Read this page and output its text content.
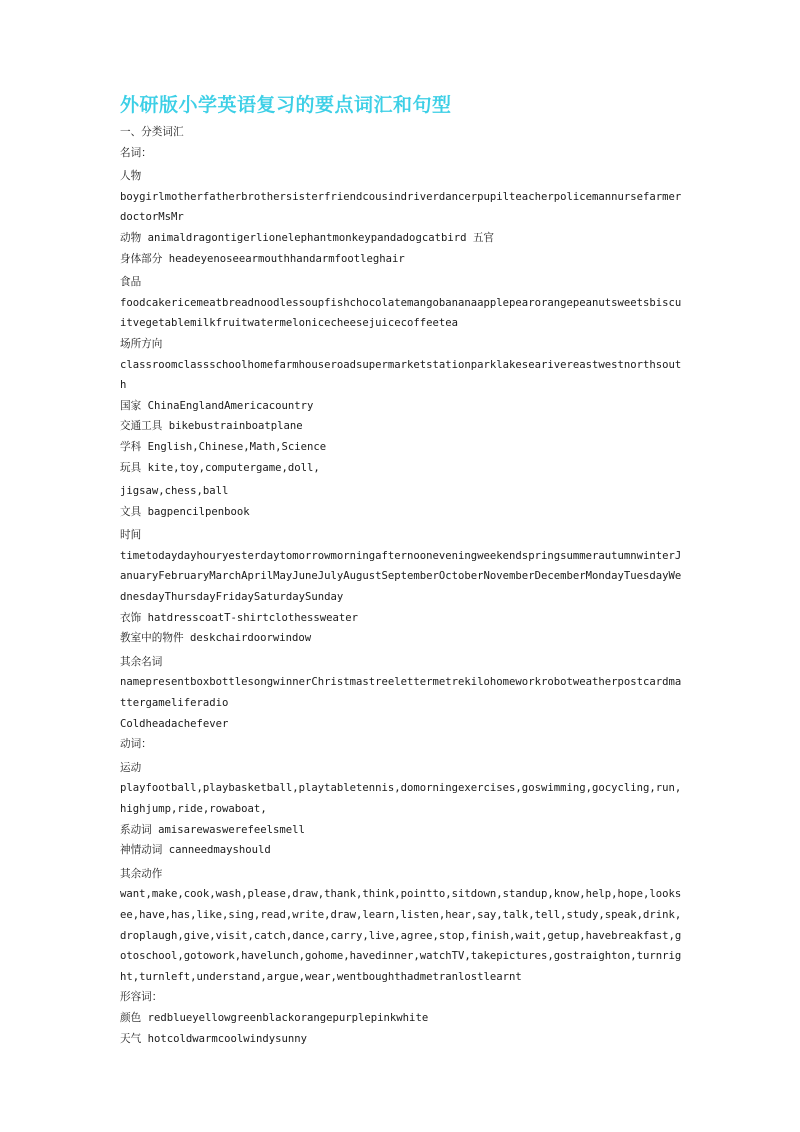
外研版小学英语复习的要点词汇和句型
一、分类词汇
名词：
人物
boygirlmotherfatherbrothersisterfriendcousindriverdancerpupilteacherpolicemannursefarmer doctorMsMr
动物 animaldragontigerlionelephantmonkeypandadogcatbird 五官
身体部分 headeyenoseearmouthhandarmfootleghair
食品
foodcakericemeatbreadnoodlessoupfishchocolatemangobananaapplepearorangepeanutsweetsbiscuitvegetablemilkfruitwatermelonicecheesejuicecoffeetea
场所方向
classroomclassschoolhomefarmhouseroadsupermarketstationparklakesearivereastwestnorthsouth
国家 ChinaEnglandAmericacountry
交通工具 bikebustrainboatplane
学科 English,Chinese,Math,Science
玩具 kite,toy,computergame,doll,
jigsaw,chess,ball
文具 bagpencilpenbook
时间
timetodaydayhouryesterdaytomorrowmorningafternooneveningweekendspringsummerautumnwinterJanuaryFebruaryMarchAprilMayJuneJulyAugustSeptemberOctoberNovemberDecemberMondayTuesdayWednesdayThursdayFridaySaturdaySunday
衣饰 hatdresscoatT-shirtclothessweater
教室中的物件 deskchairdoorwindow
其余名词
namepresentboxbottlesongwinnerChristmastreelettermetrekilohomeworkrobotweatherpostcardmattergameliferadio
Coldheadachefever
动词：
运动
playfootball,playbasketball,playtabletennis,domorningexercises,goswimming,gocycling,run,highjump,ride,rowaboat,
系动词 amisarewaswerefeelsmell
神情动词 canneedmayshould
其余动作
want,make,cook,wash,please,draw,thank,think,pointto,sitdown,standup,know,help,hope,looksee,have,has,like,sing,read,write,draw,learn,listen,hear,say,talk,tell,study,speak,drink,droplaugh,give,visit,catch,dance,carry,live,agree,stop,finish,wait,getup,havebreakfast,gotoschool,gotowork,havelunch,gohome,havedinner,watchTV,takepictures,gostraighton,turnright,turnleft,understand,argue,wear,wentboughthadmetranlostlearnt
形容词：
颜色 redblueyellowgreenblackorangepurplepinkwhite
天气 hotcoldwarmcoolwindysunny
